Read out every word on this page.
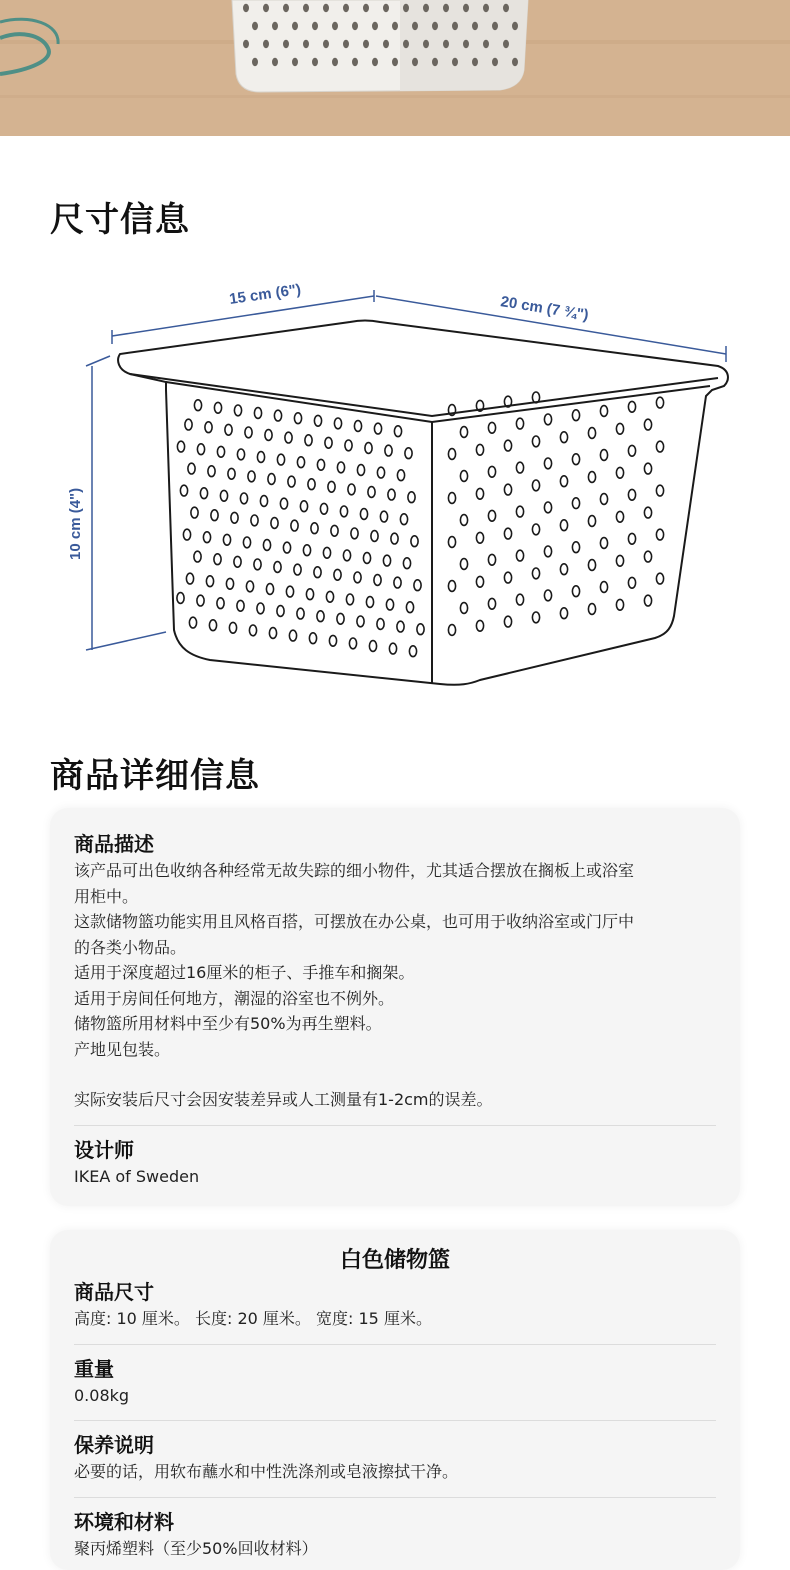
尺寸信息
15 cm (6")	20 cm (7 ¾")
10 cm (4")
商品详细信息

商品描述

该产品可出色收纳各种经常无故失踪的细小物件，尤其适合摆放在搁板上或浴室

用柜中。

这款储物篮功能实用且风格百搭，可摆放在办公桌，也可用于收纳浴室或门厅中

的各类小物品。

适用于深度超过16厘米的柜子、手推车和搁架。

适用于房间任何地方，潮湿的浴室也不例外。

储物篮所用材料中至少有50%为再生塑料。

产地见包装。

实际安装后尺寸会因安装差异或人工测量有1-2cm的误差。

设计师

IKEA of Sweden

白色储物篮

商品尺寸

高度: 10 厘米。 长度: 20 厘米。 宽度: 15 厘米。

重量

0.08kg

保养说明

必要的话，用软布蘸水和中性洗涤剂或皂液擦拭干净。

环境和材料

聚丙烯塑料（至少50%回收材料）
